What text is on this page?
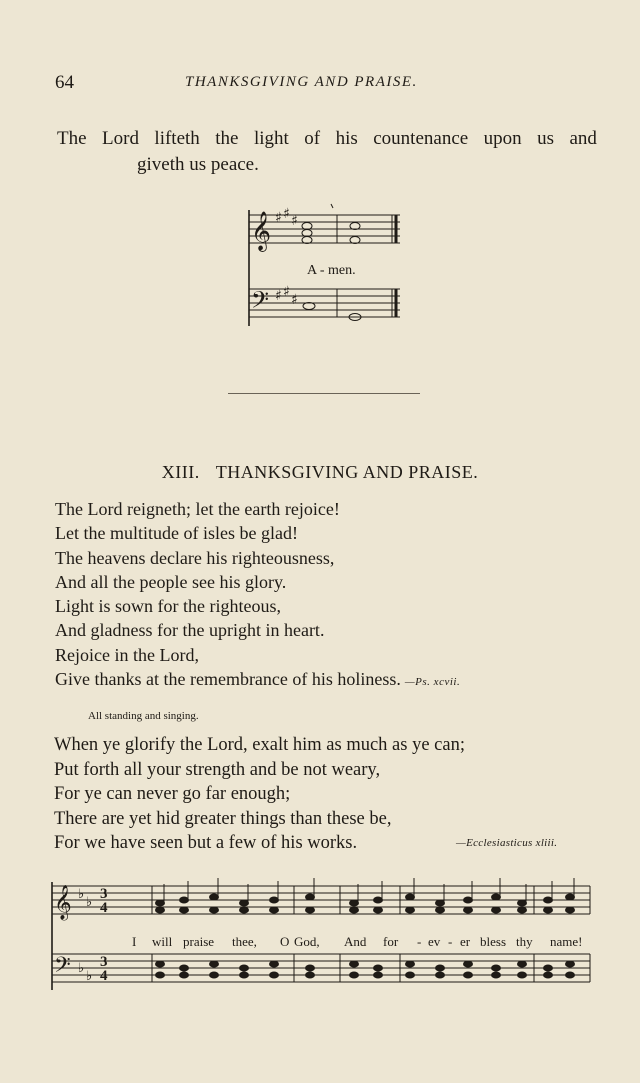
64	THANKSGIVING AND PRAISE.
The Lord lifteth the light of his countenance upon us and
giveth us peace.
𝄞 ♯ ♯ ♯
𝄢 ♯ ♯ ♯
A - men.
XIII. THANKSGIVING AND PRAISE.
The Lord reigneth; let the earth rejoice!
Let the multitude of isles be glad!
The heavens declare his righteousness,
And all the people see his glory.
Light is sown for the righteous,
And gladness for the upright in heart.
Rejoice in the Lord,
Give thanks at the remembrance of his holiness. —Ps. xcvii.
All standing and singing.
When ye glorify the Lord, exalt him as much as ye can;
Put forth all your strength and be not weary,
For ye can never go far enough;
There are yet hid greater things than these be,
For we have seen but a few of his works.	—Ecclesiasticus xliii.
𝄞 ♭
♭
𝄢 ♭
♭
3
4
3
4
I will praise thee, O God, And for - ev - er bless thy name!
